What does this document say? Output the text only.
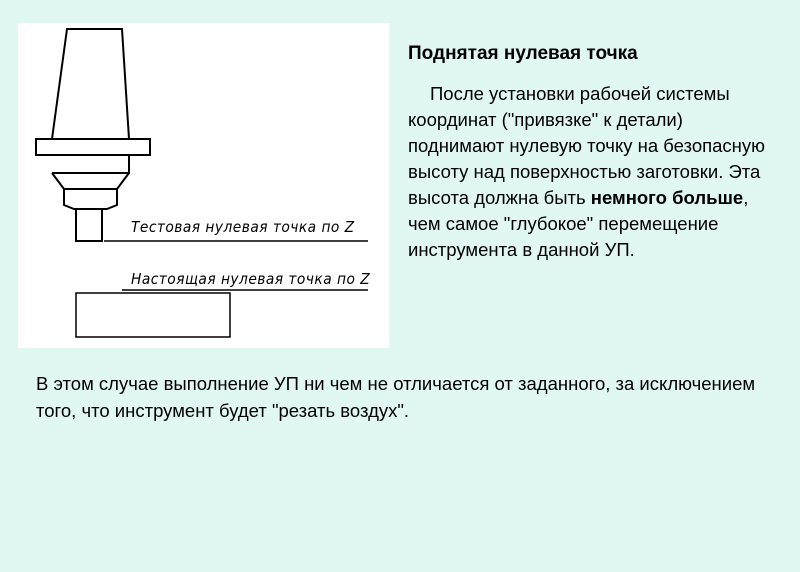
Тестовая нулевая точка по Z
Настоящая нулевая точка по Z
Поднятая нулевая точка

После установки рабочей системы координат ("привязке" к детали) поднимают нулевую точку на безопасную высоту над поверхностью заготовки. Эта высота должна быть немного больше, чем самое "глубокое" перемещение инструмента в данной УП.

В этом случае выполнение УП ни чем не отличается от заданного, за исключением того, что инструмент будет "резать воздух".
